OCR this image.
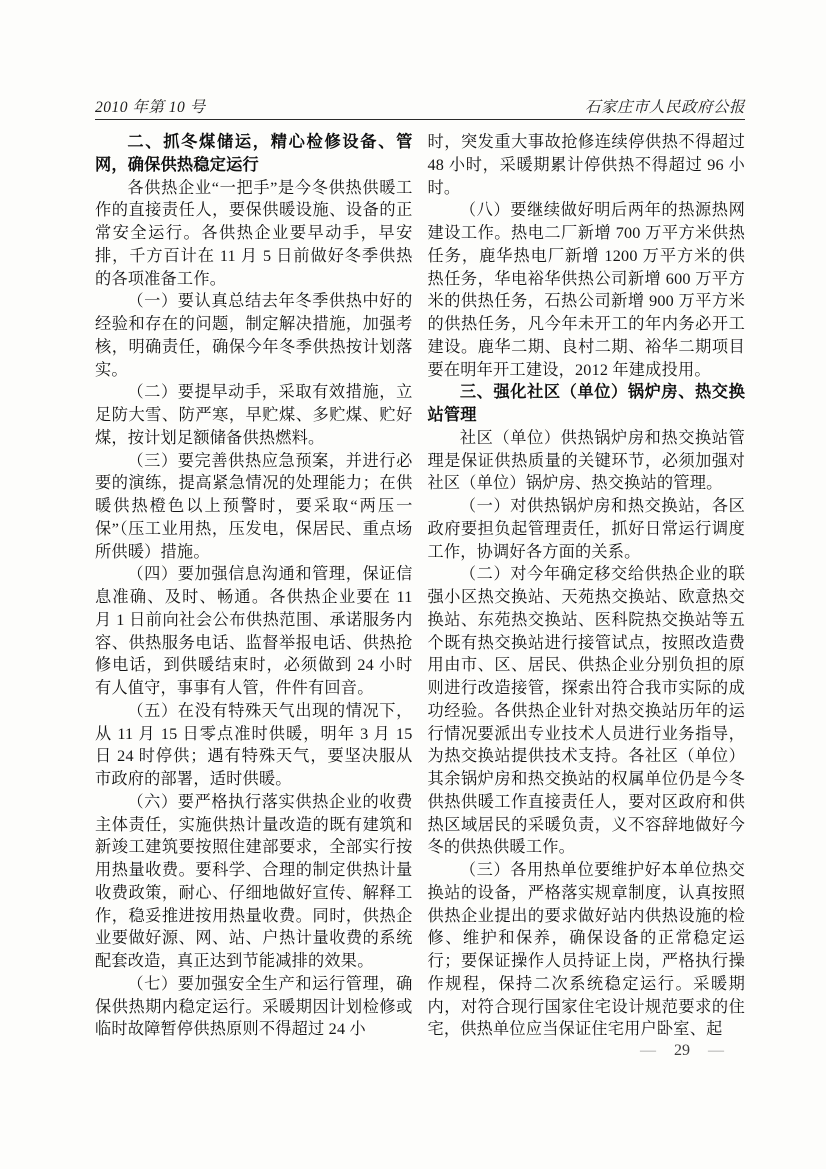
2010 年第 10 号	石家庄市人民政府公报
二、抓冬煤储运，精心检修设备、管网，确保供热稳定运行

各供热企业“一把手”是今冬供热供暖工作的直接责任人，要保供暖设施、设备的正常安全运行。各供热企业要早动手，早安排，千方百计在 11 月 5 日前做好冬季供热的各项准备工作。

（一）要认真总结去年冬季供热中好的经验和存在的问题，制定解决措施，加强考核，明确责任，确保今年冬季供热按计划落实。

（二）要提早动手，采取有效措施，立足防大雪、防严寒，早贮煤、多贮煤、贮好煤，按计划足额储备供热燃料。

（三）要完善供热应急预案，并进行必要的演练，提高紧急情况的处理能力；在供暖供热橙色以上预警时，要采取“两压一保”（压工业用热，压发电，保居民、重点场所供暖）措施。

（四）要加强信息沟通和管理，保证信息准确、及时、畅通。各供热企业要在 11 月 1 日前向社会公布供热范围、承诺服务内容、供热服务电话、监督举报电话、供热抢修电话，到供暖结束时，必须做到 24 小时有人值守，事事有人管，件件有回音。

（五）在没有特殊天气出现的情况下，从 11 月 15 日零点准时供暖，明年 3 月 15 日 24 时停供；遇有特殊天气，要坚决服从市政府的部署，适时供暖。

（六）要严格执行落实供热企业的收费主体责任，实施供热计量改造的既有建筑和新竣工建筑要按照住建部要求，全部实行按用热量收费。要科学、合理的制定供热计量收费政策，耐心、仔细地做好宣传、解释工作，稳妥推进按用热量收费。同时，供热企业要做好源、网、站、户热计量收费的系统配套改造，真正达到节能减排的效果。

（七）要加强安全生产和运行管理，确保供热期内稳定运行。采暖期因计划检修或临时故障暂停供热原则不得超过 24 小

时，突发重大事故抢修连续停供热不得超过 48 小时，采暖期累计停供热不得超过 96 小时。

（八）要继续做好明后两年的热源热网建设工作。热电二厂新增 700 万平方米供热任务，鹿华热电厂新增 1200 万平方米的供热任务，华电裕华供热公司新增 600 万平方米的供热任务，石热公司新增 900 万平方米的供热任务，凡今年未开工的年内务必开工建设。鹿华二期、良村二期、裕华二期项目要在明年开工建设，2012 年建成投用。

三、强化社区（单位）锅炉房、热交换站管理

社区（单位）供热锅炉房和热交换站管理是保证供热质量的关键环节，必须加强对社区（单位）锅炉房、热交换站的管理。

（一）对供热锅炉房和热交换站，各区政府要担负起管理责任，抓好日常运行调度工作，协调好各方面的关系。

（二）对今年确定移交给供热企业的联强小区热交换站、天苑热交换站、欧意热交换站、东苑热交换站、医科院热交换站等五个既有热交换站进行接管试点，按照改造费用由市、区、居民、供热企业分别负担的原则进行改造接管，探索出符合我市实际的成功经验。各供热企业针对热交换站历年的运行情况要派出专业技术人员进行业务指导，为热交换站提供技术支持。各社区（单位）其余锅炉房和热交换站的权属单位仍是今冬供热供暖工作直接责任人，要对区政府和供热区域居民的采暖负责，义不容辞地做好今冬的供热供暖工作。

（三）各用热单位要维护好本单位热交换站的设备，严格落实规章制度，认真按照供热企业提出的要求做好站内供热设施的检修、维护和保养，确保设备的正常稳定运行；要保证操作人员持证上岗，严格执行操作规程，保持二次系统稳定运行。采暖期内，对符合现行国家住宅设计规范要求的住宅，供热单位应当保证住宅用户卧室、起

— 29 —
